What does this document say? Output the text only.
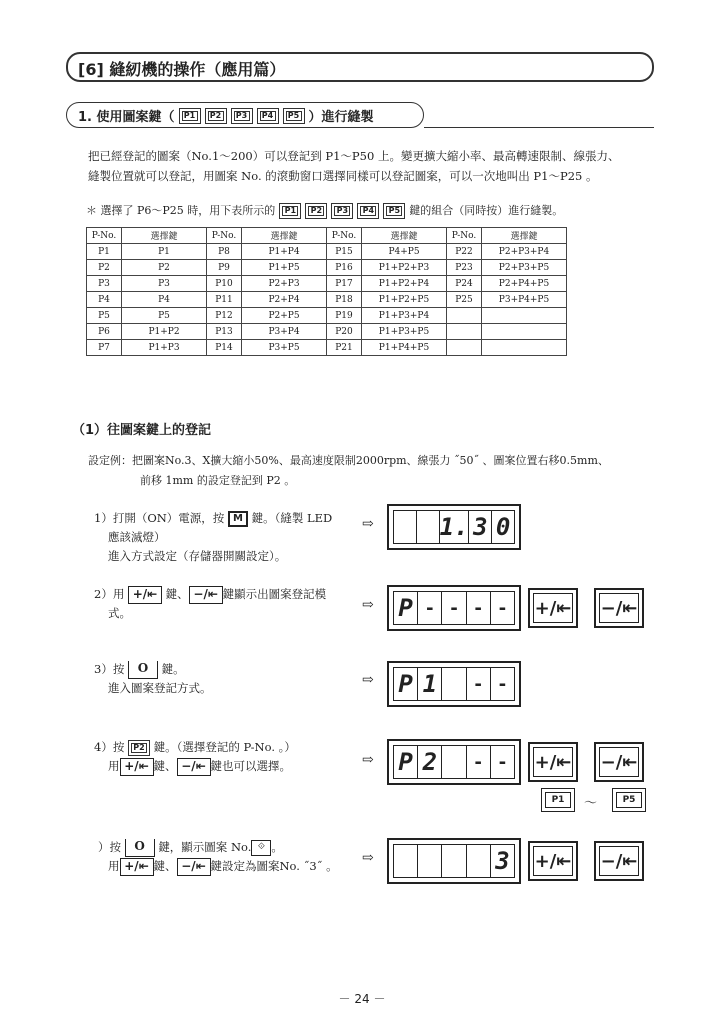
[6] 縫紉機的操作（應用篇）
1. 使用圖案鍵（	P1	P2	P3	P4	P5 ）進行縫製
把已經登記的圖案（No.1～200）可以登記到 P1～P50 上。變更擴大縮小率、最高轉速限制、線張力、
縫製位置就可以登記，用圖案 No. 的滾動窗口選擇同樣可以登記圖案，可以一次地叫出 P1～P25 。
＊ 選擇了 P6～P25 時，用下表所示的	P1	P2	P3	P4	P5 鍵的組合（同時按）進行縫製。
P-No.	選擇鍵	P-No.	選擇鍵	P-No.	選擇鍵	P-No.	選擇鍵
P1	P1	P8	P1+P4	P15	P4+P5	P22	P2+P3+P4
P2	P2	P9	P1+P5	P16	P1+P2+P3	P23	P2+P3+P5
P3	P3	P10	P2+P3	P17	P1+P2+P4	P24	P2+P4+P5
P4	P4	P11	P2+P4	P18	P1+P2+P5	P25	P3+P4+P5
P5	P5	P12	P2+P5	P19	P1+P3+P4		
P6	P1+P2	P13	P3+P4	P20	P1+P3+P5		
P7	P1+P3	P14	P3+P5	P21	P1+P4+P5		
（1）往圖案鍵上的登記
設定例：把圖案No.3、X擴大縮小50%、最高速度限制2000rpm、線張力 ˝50˝ 、圖案位置右移0.5mm、
前移 1mm 的設定登記到 P2 。
1）打開（ON）電源，按 M 鍵。（縫製 LED
應該滅燈）
進入方式設定（存儲器開關設定）。
⇨	1. 3 0
2）用 +/⇤ 鍵、 −/⇤ 鍵顯示出圖案登記模
式。	⇨ P - - - -	+/⇤ −/⇤
3）按 O 鍵。
進入圖案登記方式。	⇨ P 1	- -
4）按 P2 鍵。（選擇登記的 P-No. 。）
用 +/⇤ 鍵、 −/⇤ 鍵也可以選擇。	⇨ P 2	- -	+/⇤ −/⇤
P1	～	P5
）按 O 鍵，顯示圖案 No. ⟐ 。
用 +/⇤ 鍵、 −/⇤ 鍵設定為圖案No. ˝3˝ 。 ⇨	3 +/⇤ −/⇤
－ 24 －
